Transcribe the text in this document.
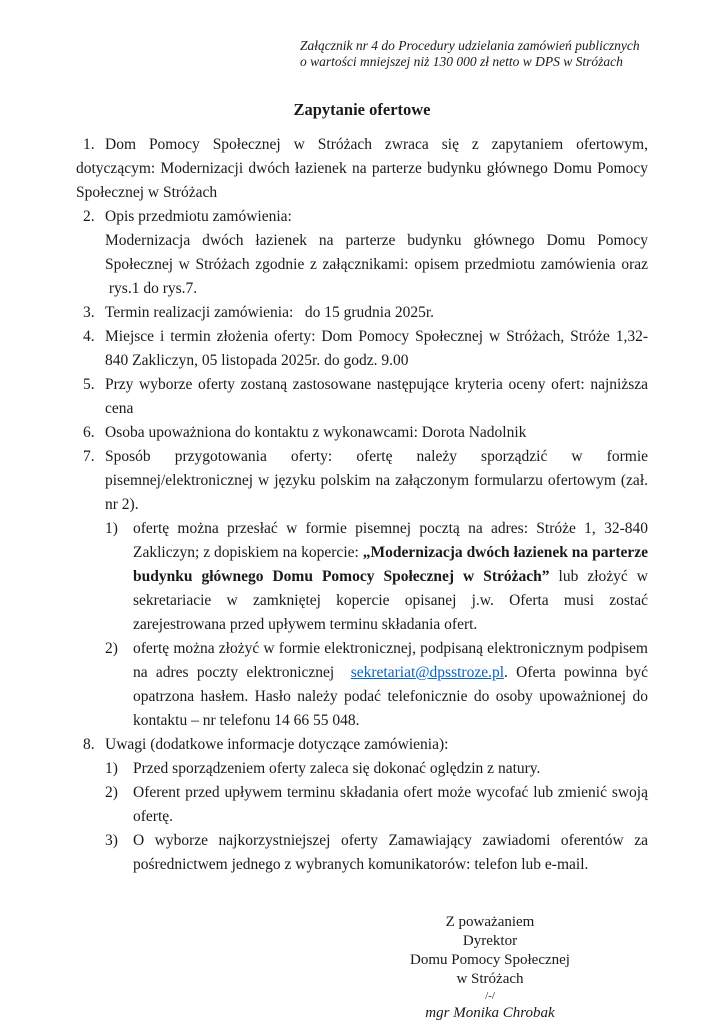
Załącznik nr 4 do Procedury udzielania zamówień publicznych
o wartości mniejszej niż 130 000 zł netto w DPS w Stróżach
Zapytanie ofertowe

1. Dom Pomocy Społecznej w Stróżach zwraca się z zapytaniem ofertowym, dotyczącym: Modernizacji dwóch łazienek na parterze budynku głównego Domu Pomocy Społecznej w Stróżach

2. Opis przedmiotu zamówienia:

Modernizacja dwóch łazienek na parterze budynku głównego Domu Pomocy Społecznej w Stróżach zgodnie z załącznikami: opisem przedmiotu zamówienia oraz  rys.1 do rys.7.

3. Termin realizacji zamówienia:   do 15 grudnia 2025r.
4. Miejsce i termin złożenia oferty: Dom Pomocy Społecznej w Stróżach, Stróże 1,32-840 Zakliczyn, 05 listopada 2025r. do godz. 9.00
5. Przy wyborze oferty zostaną zastosowane następujące kryteria oceny ofert: najniższa cena
6. Osoba upoważniona do kontaktu z wykonawcami: Dorota Nadolnik
7. Sposób przygotowania oferty: ofertę należy sporządzić w formie pisemnej/elektronicznej w języku polskim na załączonym formularzu ofertowym (zał. nr 2).
1) ofertę można przesłać w formie pisemnej pocztą na adres: Stróże 1, 32-840 Zakliczyn; z dopiskiem na kopercie: „Modernizacja dwóch łazienek na parterze budynku głównego Domu Pomocy Społecznej w Stróżach” lub złożyć w sekretariacie w zamkniętej kopercie opisanej j.w. Oferta musi zostać zarejestrowana przed upływem terminu składania ofert.
2) ofertę można złożyć w formie elektronicznej, podpisaną elektronicznym podpisem na adres poczty elektronicznej  sekretariat@dpsstroze.pl. Oferta powinna być opatrzona hasłem. Hasło należy podać telefonicznie do osoby upoważnionej do kontaktu – nr telefonu 14 66 55 048.
8. Uwagi (dodatkowe informacje dotyczące zamówienia):
1) Przed sporządzeniem oferty zaleca się dokonać oględzin z natury.
2) Oferent przed upływem terminu składania ofert może wycofać lub zmienić swoją ofertę.
3) O wyborze najkorzystniejszej oferty Zamawiający zawiadomi oferentów za pośrednictwem jednego z wybranych komunikatorów: telefon lub e-mail.
Z poważaniem
Dyrektor
Domu Pomocy Społecznej
w Stróżach
/-/
mgr Monika Chrobak
